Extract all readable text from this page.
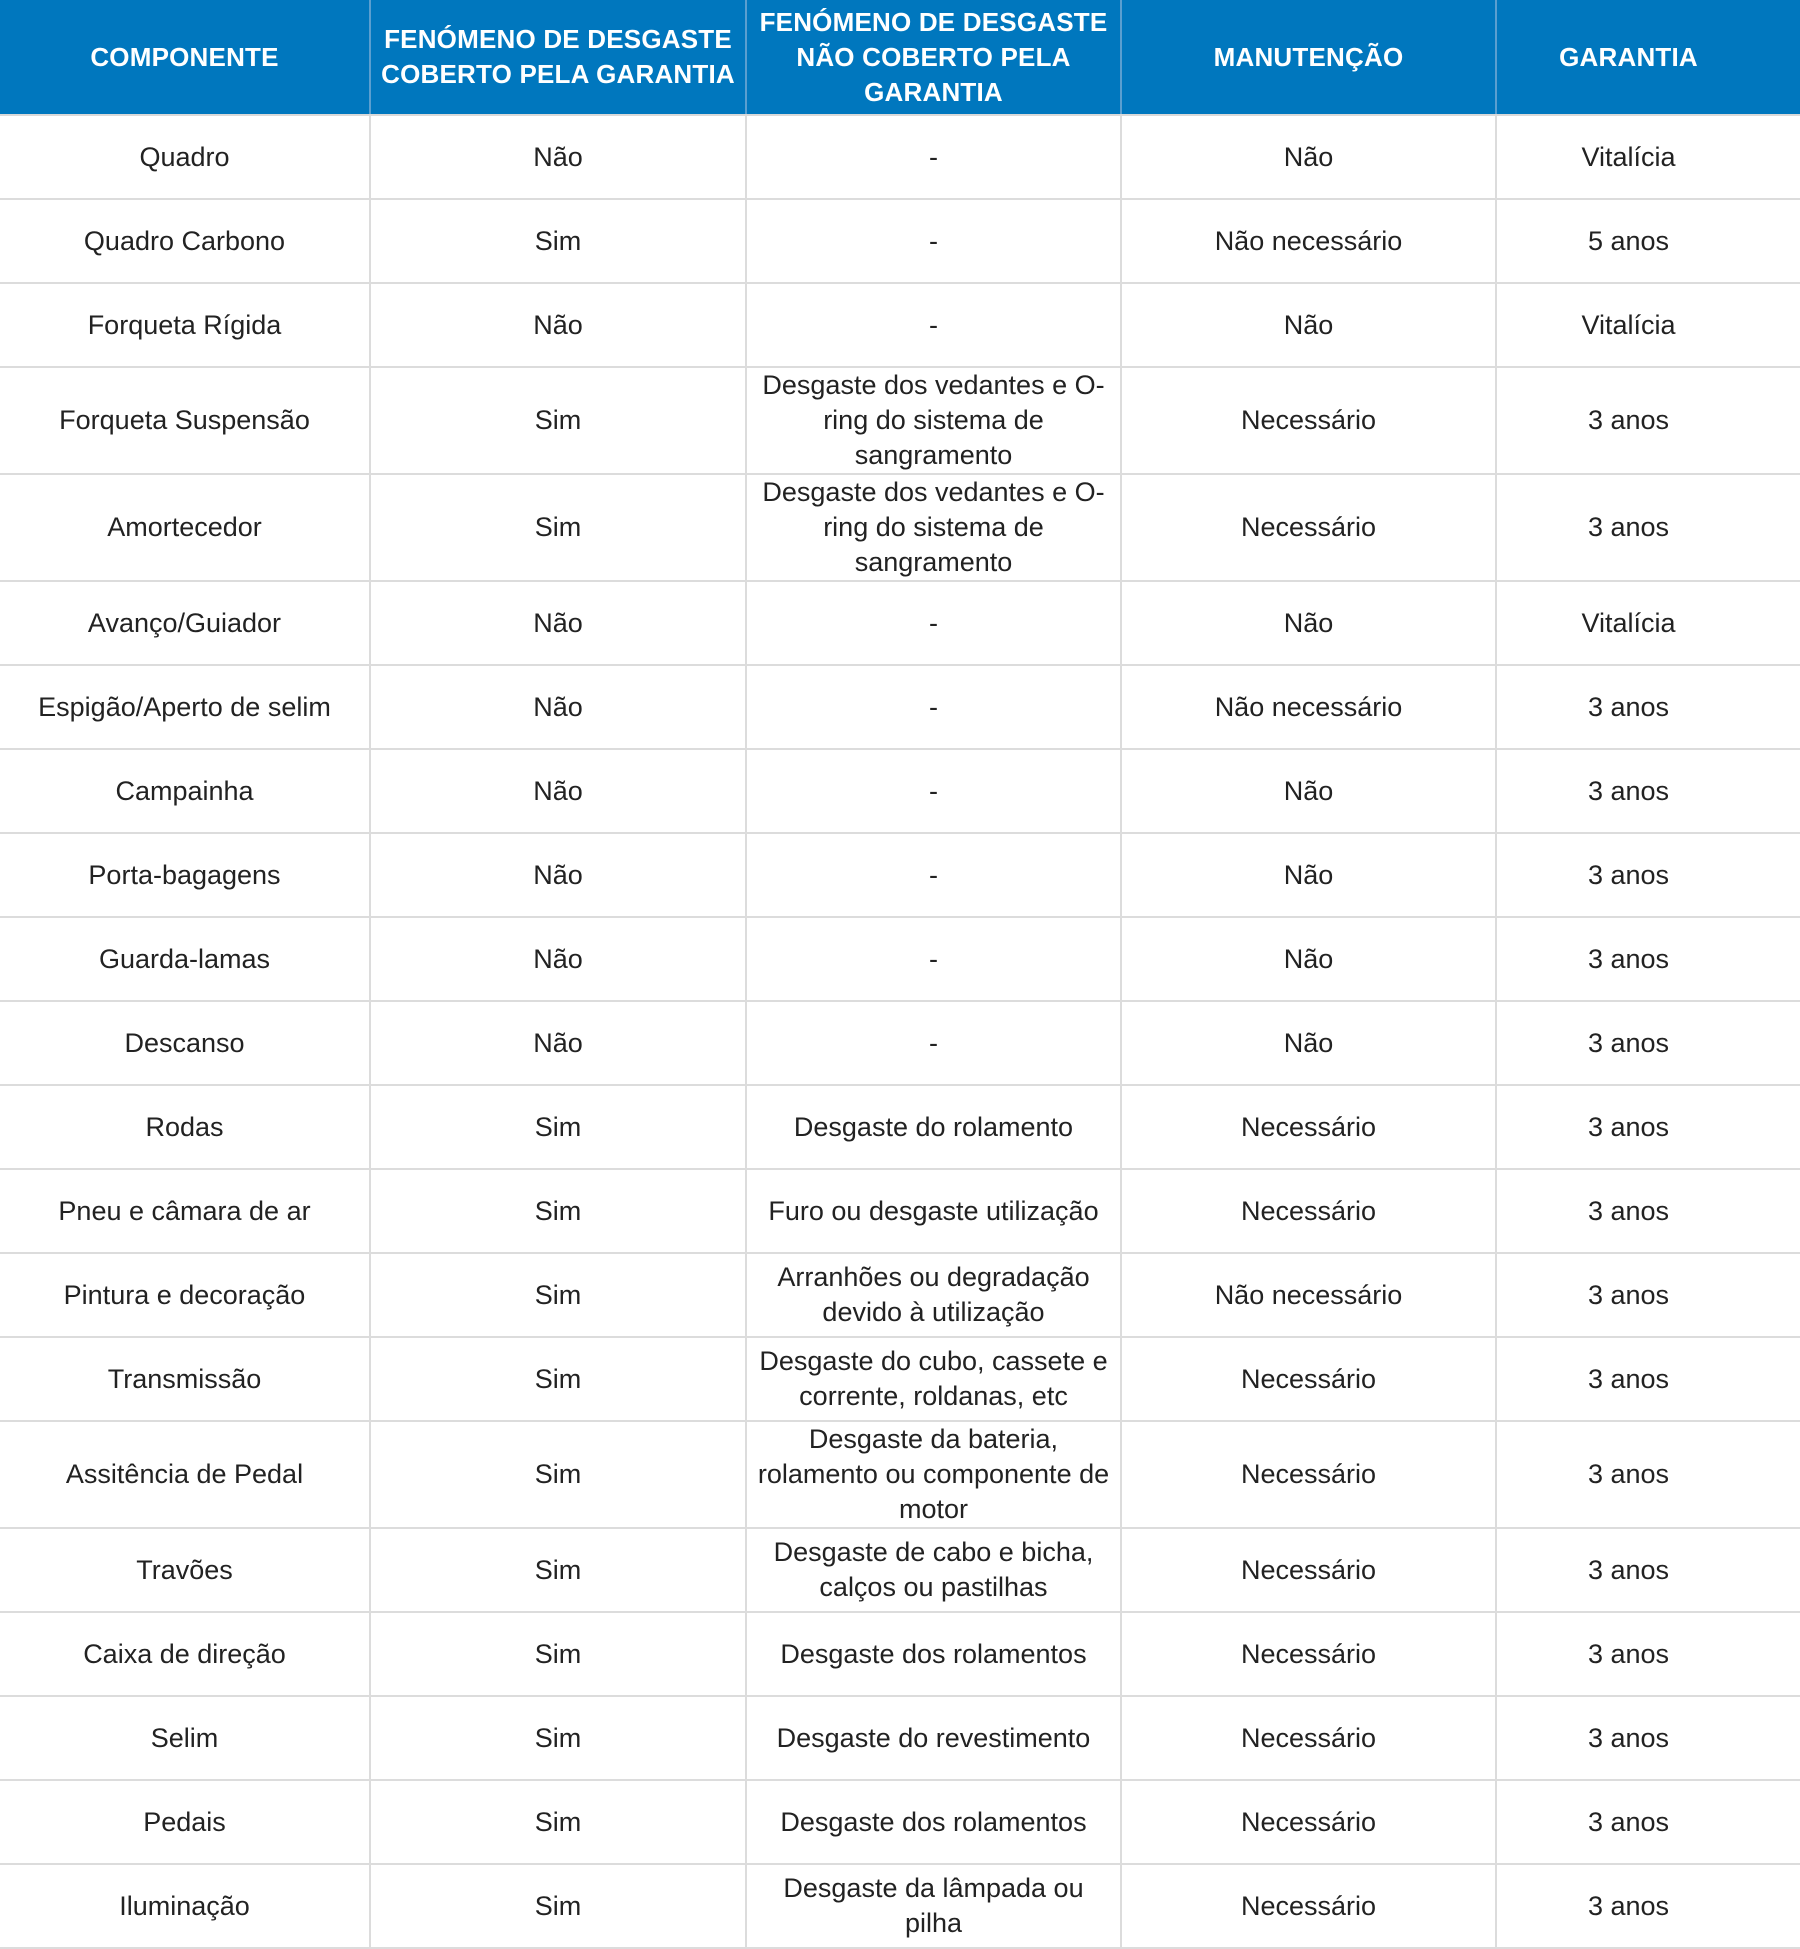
COMPONENTE	FENÓMENO DE DESGASTE COBERTO PELA GARANTIA	FENÓMENO DE DESGASTE NÃO COBERTO PELA GARANTIA	MANUTENÇÃO	GARANTIA
Quadro	Não	-	Não	Vitalícia
Quadro Carbono	Sim	-	Não necessário	5 anos
Forqueta Rígida	Não	-	Não	Vitalícia
Forqueta Suspensão	Sim	Desgaste dos vedantes e O-ring do sistema de sangramento	Necessário	3 anos
Amortecedor	Sim	Desgaste dos vedantes e O-ring do sistema de sangramento	Necessário	3 anos
Avanço/Guiador	Não	-	Não	Vitalícia
Espigão/Aperto de selim	Não	-	Não necessário	3 anos
Campainha	Não	-	Não	3 anos
Porta-bagagens	Não	-	Não	3 anos
Guarda-lamas	Não	-	Não	3 anos
Descanso	Não	-	Não	3 anos
Rodas	Sim	Desgaste do rolamento	Necessário	3 anos
Pneu e câmara de ar	Sim	Furo ou desgaste utilização	Necessário	3 anos
Pintura e decoração	Sim	Arranhões ou degradação devido à utilização	Não necessário	3 anos
Transmissão	Sim	Desgaste do cubo, cassete e corrente, roldanas, etc	Necessário	3 anos
Assitência de Pedal	Sim	Desgaste da bateria, rolamento ou componente de motor	Necessário	3 anos
Travões	Sim	Desgaste de cabo e bicha, calços ou pastilhas	Necessário	3 anos
Caixa de direção	Sim	Desgaste dos rolamentos	Necessário	3 anos
Selim	Sim	Desgaste do revestimento	Necessário	3 anos
Pedais	Sim	Desgaste dos rolamentos	Necessário	3 anos
Iluminação	Sim	Desgaste da lâmpada ou pilha	Necessário	3 anos
